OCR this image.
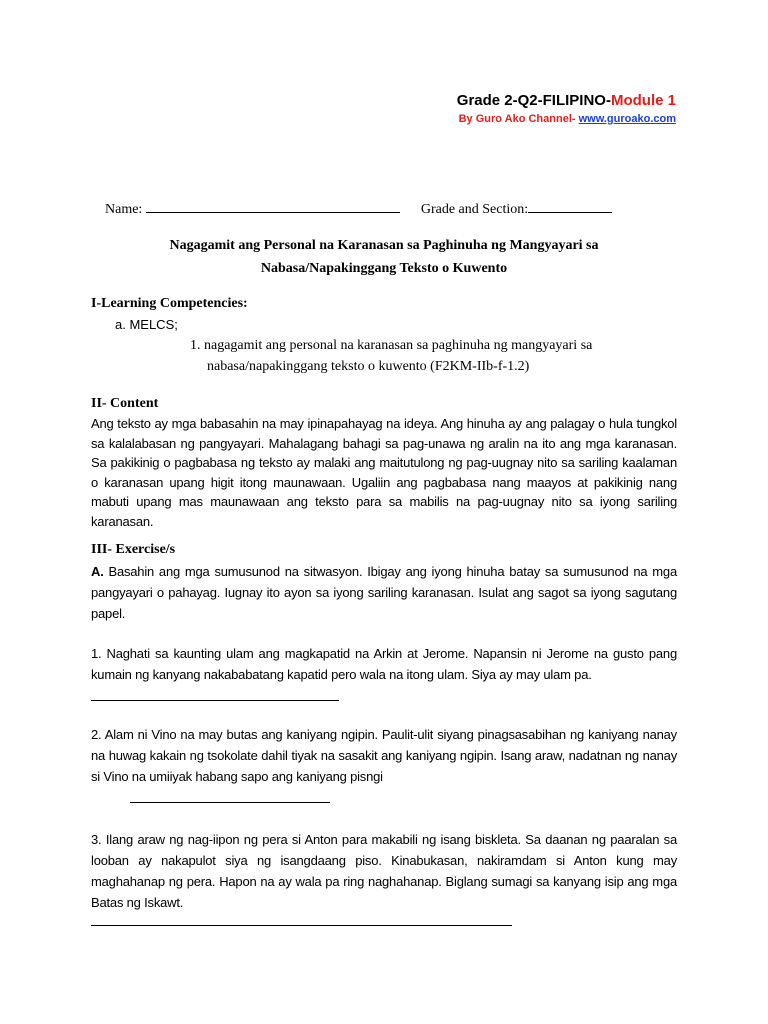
Grade 2-Q2-FILIPINO-Module 1
By Guro Ako Channel- www.guroako.com

Name:	Grade and Section:

Nagagamit ang Personal na Karanasan sa Paghinuha ng Mangyayari sa
Nabasa/Napakinggang Teksto o Kuwento
I-Learning Competencies:
a. MELCS;
1. nagagamit ang personal na karanasan sa paghinuha ng mangyayari sa
nabasa/napakinggang teksto o kuwento (F2KM-IIb-f-1.2)
II- Content
Ang teksto ay mga babasahin na may ipinapahayag na ideya. Ang hinuha ay ang palagay o hula tungkol sa kalalabasan ng pangyayari. Mahalagang bahagi sa pag-unawa ng aralin na ito ang mga karanasan. Sa pakikinig o pagbabasa ng teksto ay malaki ang maitutulong ng pag-uugnay nito sa sariling kaalaman o karanasan upang higit itong maunawaan. Ugaliin ang pagbabasa nang maayos at pakikinig nang mabuti upang mas maunawaan ang teksto para sa mabilis na pag-uugnay nito sa iyong sariling karanasan.
III- Exercise/s
A. Basahin ang mga sumusunod na sitwasyon. Ibigay ang iyong hinuha batay sa sumusunod na mga pangyayari o pahayag. Iugnay ito ayon sa iyong sariling karanasan. Isulat ang sagot sa iyong sagutang papel.
1. Naghati sa kaunting ulam ang magkapatid na Arkin at Jerome. Napansin ni Jerome na gusto pang kumain ng kanyang nakababatang kapatid pero wala na itong ulam. Siya ay may ulam pa.
2. Alam ni Vino na may butas ang kaniyang ngipin. Paulit-ulit siyang pinagsasabihan ng kaniyang nanay na huwag kakain ng tsokolate dahil tiyak na sasakit ang kaniyang ngipin. Isang araw, nadatnan ng nanay si Vino na umiiyak habang sapo ang kaniyang pisngi
3. Ilang araw ng nag-iipon ng pera si Anton para makabili ng isang biskleta. Sa daanan ng paaralan sa looban ay nakapulot siya ng isangdaang piso. Kinabukasan, nakiramdam si Anton kung may maghahanap ng pera. Hapon na ay wala pa ring naghahanap. Biglang sumagi sa kanyang isip ang mga Batas ng Iskawt.
